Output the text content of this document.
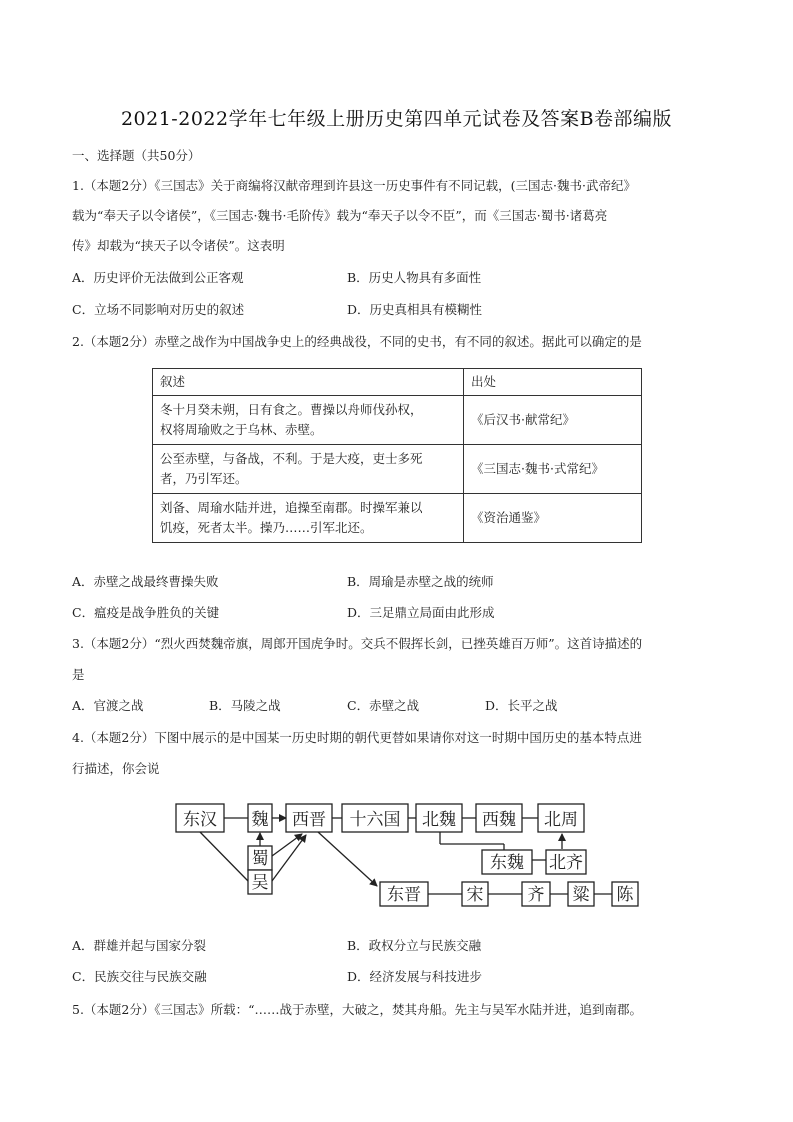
2021-2022学年七年级上册历史第四单元试卷及答案B卷部编版
一、选择题（共50分）
1.（本题2分）《三国志》关于商编将汉献帝理到许县这一历史事件有不同记载，(三国志·魏书·武帝纪》
载为“奉天子以令诸侯”，《三国志·魏书·毛阶传》载为“奉天子以令不臣”，而《三国志·蜀书·诸葛亮
传》却载为“挟天子以令诸侯”。这表明
A．历史评价无法做到公正客观	B．历史人物具有多面性
C．立场不同影响对历史的叙述	D．历史真相具有模糊性
2.（本题2分）赤壁之战作为中国战争史上的经典战役，不同的史书，有不同的叙述。据此可以确定的是
叙述	出处

冬十月癸未朔，日有食之。曹操以舟师伐孙权，
权将周瑜败之于乌林、赤壁。	《后汉书·献常纪》

公至赤壁，与备战，不利。于是大疫，吏士多死
者，乃引军还。	《三国志·魏书·式常纪》

刘备、周瑜水陆并进，追操至南郡。时操军兼以
饥疫，死者太半。操乃……引军北还。	《资治通鉴》
A．赤壁之战最终曹操失败	B．周瑜是赤壁之战的统师
C．瘟疫是战争胜负的关键	D．三足鼎立局面由此形成
3.（本题2分）“烈火西焚魏帝旗，周郎开国虎争时。交兵不假挥长剑，已挫英雄百万师”。这首诗描述的
是
A．官渡之战	B．马陵之战	C．赤壁之战	D．长平之战
4.（本题2分）下图中展示的是中国某一历史时期的朝代更替如果请你对这一时期中国历史的基本特点进
行描述，你会说
东汉 魏 西晋 十六国 北魏 西魏 北周
蜀
吴
东魏 北齐
东晋	宋	齐 粱 陈
A．群雄并起与国家分裂	B．政权分立与民族交融
C．民族交往与民族交融	D．经济发展与科技进步
5.（本题2分）《三国志》所载：“……战于赤壁，大破之，焚其舟船。先主与吴军水陆并进，追到南郡。
